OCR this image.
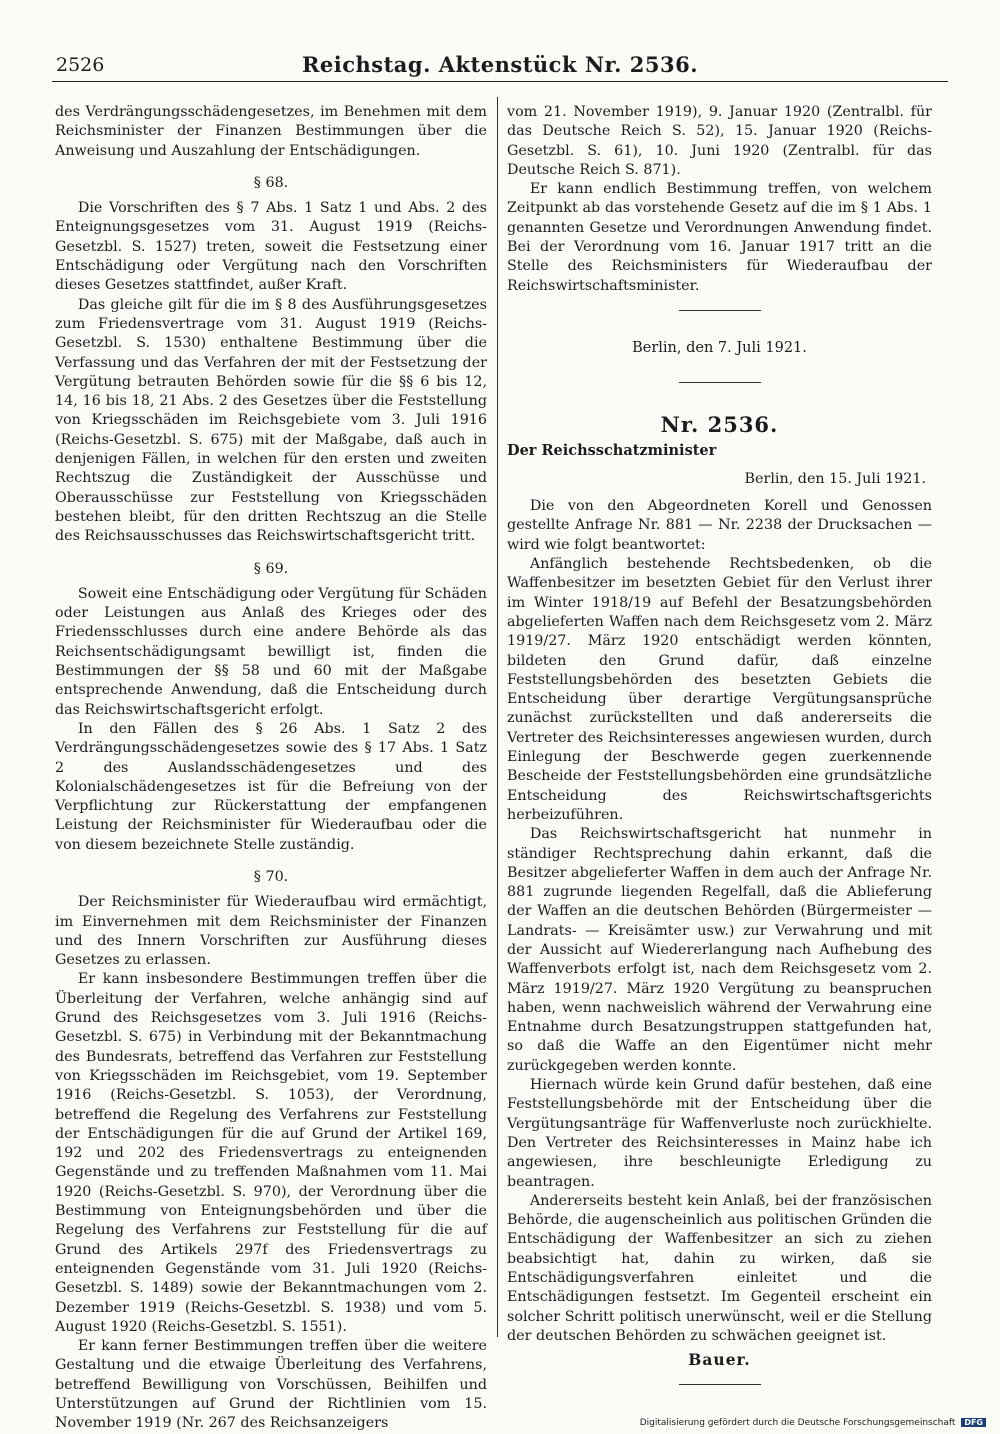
2526	Reichstag. Aktenstück Nr. 2536.

des Verdrängungsschädengesetzes, im Benehmen mit dem Reichsminister der Finanzen Bestimmungen über die Anweisung und Auszahlung der Entschädigungen.

§ 68.

Die Vorschriften des § 7 Abs. 1 Satz 1 und Abs. 2 des Enteignungsgesetzes vom 31. August 1919 (Reichs-Gesetzbl. S. 1527) treten, soweit die Festsetzung einer Entschädigung oder Vergütung nach den Vorschriften dieses Gesetzes stattfindet, außer Kraft.

Das gleiche gilt für die im § 8 des Ausführungsgesetzes zum Friedensvertrage vom 31. August 1919 (Reichs-Gesetzbl. S. 1530) enthaltene Bestimmung über die Verfassung und das Verfahren der mit der Festsetzung der Vergütung betrauten Behörden sowie für die §§ 6 bis 12, 14, 16 bis 18, 21 Abs. 2 des Gesetzes über die Feststellung von Kriegsschäden im Reichsgebiete vom 3. Juli 1916 (Reichs-Gesetzbl. S. 675) mit der Maßgabe, daß auch in denjenigen Fällen, in welchen für den ersten und zweiten Rechtszug die Zuständigkeit der Ausschüsse und Oberausschüsse zur Feststellung von Kriegsschäden bestehen bleibt, für den dritten Rechtszug an die Stelle des Reichsausschusses das Reichswirtschaftsgericht tritt.

§ 69.

Soweit eine Entschädigung oder Vergütung für Schäden oder Leistungen aus Anlaß des Krieges oder des Friedensschlusses durch eine andere Behörde als das Reichsentschädigungsamt bewilligt ist, finden die Bestimmungen der §§ 58 und 60 mit der Maßgabe entsprechende Anwendung, daß die Entscheidung durch das Reichswirtschaftsgericht erfolgt.

In den Fällen des § 26 Abs. 1 Satz 2 des Verdrängungsschädengesetzes sowie des § 17 Abs. 1 Satz 2 des Auslandsschädengesetzes und des Kolonialschädengesetzes ist für die Befreiung von der Verpflichtung zur Rückerstattung der empfangenen Leistung der Reichsminister für Wiederaufbau oder die von diesem bezeichnete Stelle zuständig.

§ 70.

Der Reichsminister für Wiederaufbau wird ermächtigt, im Einvernehmen mit dem Reichsminister der Finanzen und des Innern Vorschriften zur Ausführung dieses Gesetzes zu erlassen.

Er kann insbesondere Bestimmungen treffen über die Überleitung der Verfahren, welche anhängig sind auf Grund des Reichsgesetzes vom 3. Juli 1916 (Reichs-Gesetzbl. S. 675) in Verbindung mit der Bekanntmachung des Bundesrats, betreffend das Verfahren zur Feststellung von Kriegsschäden im Reichsgebiet, vom 19. September 1916 (Reichs-Gesetzbl. S. 1053), der Verordnung, betreffend die Regelung des Verfahrens zur Feststellung der Entschädigungen für die auf Grund der Artikel 169, 192 und 202 des Friedensvertrags zu enteignenden Gegenstände und zu treffenden Maßnahmen vom 11. Mai 1920 (Reichs-Gesetzbl. S. 970), der Verordnung über die Bestimmung von Enteignungsbehörden und über die Regelung des Verfahrens zur Feststellung für die auf Grund des Artikels 297f des Friedensvertrags zu enteignenden Gegenstände vom 31. Juli 1920 (Reichs-Gesetzbl. S. 1489) sowie der Bekanntmachungen vom 2. Dezember 1919 (Reichs-Gesetzbl. S. 1938) und vom 5. August 1920 (Reichs-Gesetzbl. S. 1551).

Er kann ferner Bestimmungen treffen über die weitere Gestaltung und die etwaige Überleitung des Verfahrens, betreffend Bewilligung von Vorschüssen, Beihilfen und Unterstützungen auf Grund der Richtlinien vom 15. November 1919 (Nr. 267 des Reichsanzeigers

vom 21. November 1919), 9. Januar 1920 (Zentralbl. für das Deutsche Reich S. 52), 15. Januar 1920 (Reichs-Gesetzbl. S. 61), 10. Juni 1920 (Zentralbl. für das Deutsche Reich S. 871).

Er kann endlich Bestimmung treffen, von welchem Zeitpunkt ab das vorstehende Gesetz auf die im § 1 Abs. 1 genannten Gesetze und Verordnungen Anwendung findet. Bei der Verordnung vom 16. Januar 1917 tritt an die Stelle des Reichsministers für Wiederaufbau der Reichswirtschaftsminister.

Berlin, den 7. Juli 1921.
Nr. 2536.
Der Reichsschatzminister
Berlin, den 15. Juli 1921.

Die von den Abgeordneten Korell und Genossen gestellte Anfrage Nr. 881 — Nr. 2238 der Drucksachen — wird wie folgt beantwortet:

Anfänglich bestehende Rechtsbedenken, ob die Waffenbesitzer im besetzten Gebiet für den Verlust ihrer im Winter 1918/19 auf Befehl der Besatzungsbehörden abgelieferten Waffen nach dem Reichsgesetz vom 2. März 1919/27. März 1920 entschädigt werden könnten, bildeten den Grund dafür, daß einzelne Feststellungsbehörden des besetzten Gebiets die Entscheidung über derartige Vergütungsansprüche zunächst zurückstellten und daß andererseits die Vertreter des Reichsinteresses angewiesen wurden, durch Einlegung der Beschwerde gegen zuerkennende Bescheide der Feststellungsbehörden eine grundsätzliche Entscheidung des Reichswirtschaftsgerichts herbeizuführen.

Das Reichswirtschaftsgericht hat nunmehr in ständiger Rechtsprechung dahin erkannt, daß die Besitzer abgelieferter Waffen in dem auch der Anfrage Nr. 881 zugrunde liegenden Regelfall, daß die Ablieferung der Waffen an die deutschen Behörden (Bürgermeister — Landrats- — Kreisämter usw.) zur Verwahrung und mit der Aussicht auf Wiedererlangung nach Aufhebung des Waffenverbots erfolgt ist, nach dem Reichsgesetz vom 2. März 1919/27. März 1920 Vergütung zu beanspruchen haben, wenn nachweislich während der Verwahrung eine Entnahme durch Besatzungstruppen stattgefunden hat, so daß die Waffe an den Eigentümer nicht mehr zurückgegeben werden konnte.

Hiernach würde kein Grund dafür bestehen, daß eine Feststellungsbehörde mit der Entscheidung über die Vergütungsanträge für Waffenverluste noch zurückhielte. Den Vertreter des Reichsinteresses in Mainz habe ich angewiesen, ihre beschleunigte Erledigung zu beantragen.

Andererseits besteht kein Anlaß, bei der französischen Behörde, die augenscheinlich aus politischen Gründen die Entschädigung der Waffenbesitzer an sich zu ziehen beabsichtigt hat, dahin zu wirken, daß sie Entschädigungsverfahren einleitet und die Entschädigungen festsetzt. Im Gegenteil erscheint ein solcher Schritt politisch unerwünscht, weil er die Stellung der deutschen Behörden zu schwächen geeignet ist.

Bauer.
Digitalisierung gefördert durch die Deutsche Forschungsgemeinschaft DFG
